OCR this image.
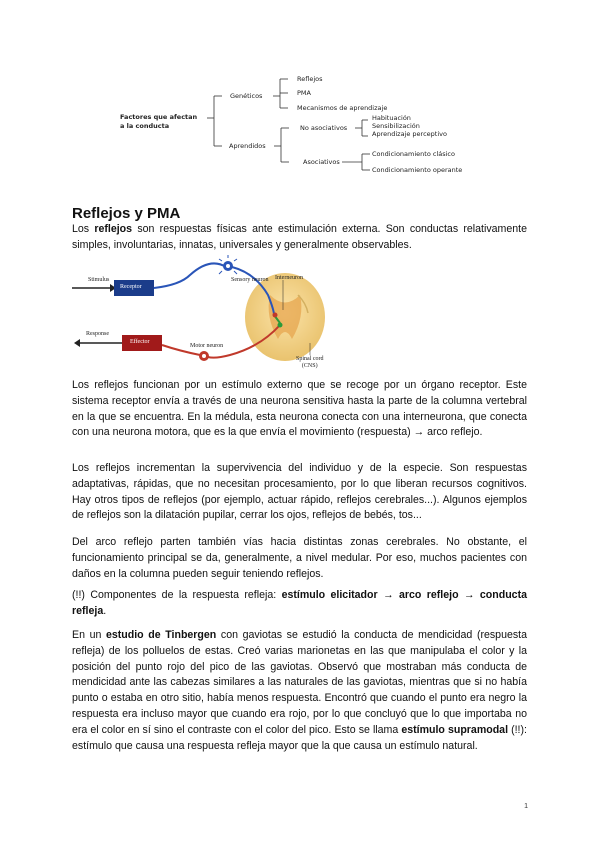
Factores que afectan
a la conducta
Genéticos
Reflejos
PMA
Mecanismos de aprendizaje
Aprendidos
No asociativos
Habituación
Sensibilización
Aprendizaje perceptivo
Asociativos
Condicionamiento clásico
Condicionamiento operante
Reflejos y PMA
Los reflejos son respuestas físicas ante estimulación externa. Son conductas relativamente simples, involuntarias, innatas, universales y generalmente observables.
Stimulus
Receptor
Sensory neuron Interneuron
Response
Effector
Motor neuron
Spinal cord
(CNS)
Los reflejos funcionan por un estímulo externo que se recoge por un órgano receptor. Este sistema receptor envía a través de una neurona sensitiva hasta la parte de la columna vertebral en la que se encuentra. En la médula, esta neurona conecta con una interneurona, que conecta con una neurona motora, que es la que envía el movimiento (respuesta) → arco reflejo.
Los reflejos incrementan la supervivencia del individuo y de la especie. Son respuestas adaptativas, rápidas, que no necesitan procesamiento, por lo que liberan recursos cognitivos. Hay otros tipos de reflejos (por ejemplo, actuar rápido, reflejos cerebrales...). Algunos ejemplos de reflejos son la dilatación pupilar, cerrar los ojos, reflejos de bebés, tos...
Del arco reflejo parten también vías hacia distintas zonas cerebrales. No obstante, el funcionamiento principal se da, generalmente, a nivel medular. Por eso, muchos pacientes con daños en la columna pueden seguir teniendo reflejos.
(!!) Componentes de la respuesta refleja: estímulo elicitador → arco reflejo → conducta refleja.
En un estudio de Tinbergen con gaviotas se estudió la conducta de mendicidad (respuesta refleja) de los polluelos de estas. Creó varias marionetas en las que manipulaba el color y la posición del punto rojo del pico de las gaviotas. Observó que mostraban más conducta de mendicidad ante las cabezas similares a las naturales de las gaviotas, mientras que si no había punto o estaba en otro sitio, había menos respuesta. Encontró que cuando el punto era negro la respuesta era incluso mayor que cuando era rojo, por lo que concluyó que lo que importaba no era el color en sí sino el contraste con el color del pico. Esto se llama estímulo supramodal (!!): estímulo que causa una respuesta refleja mayor que la que causa un estímulo natural.
1
